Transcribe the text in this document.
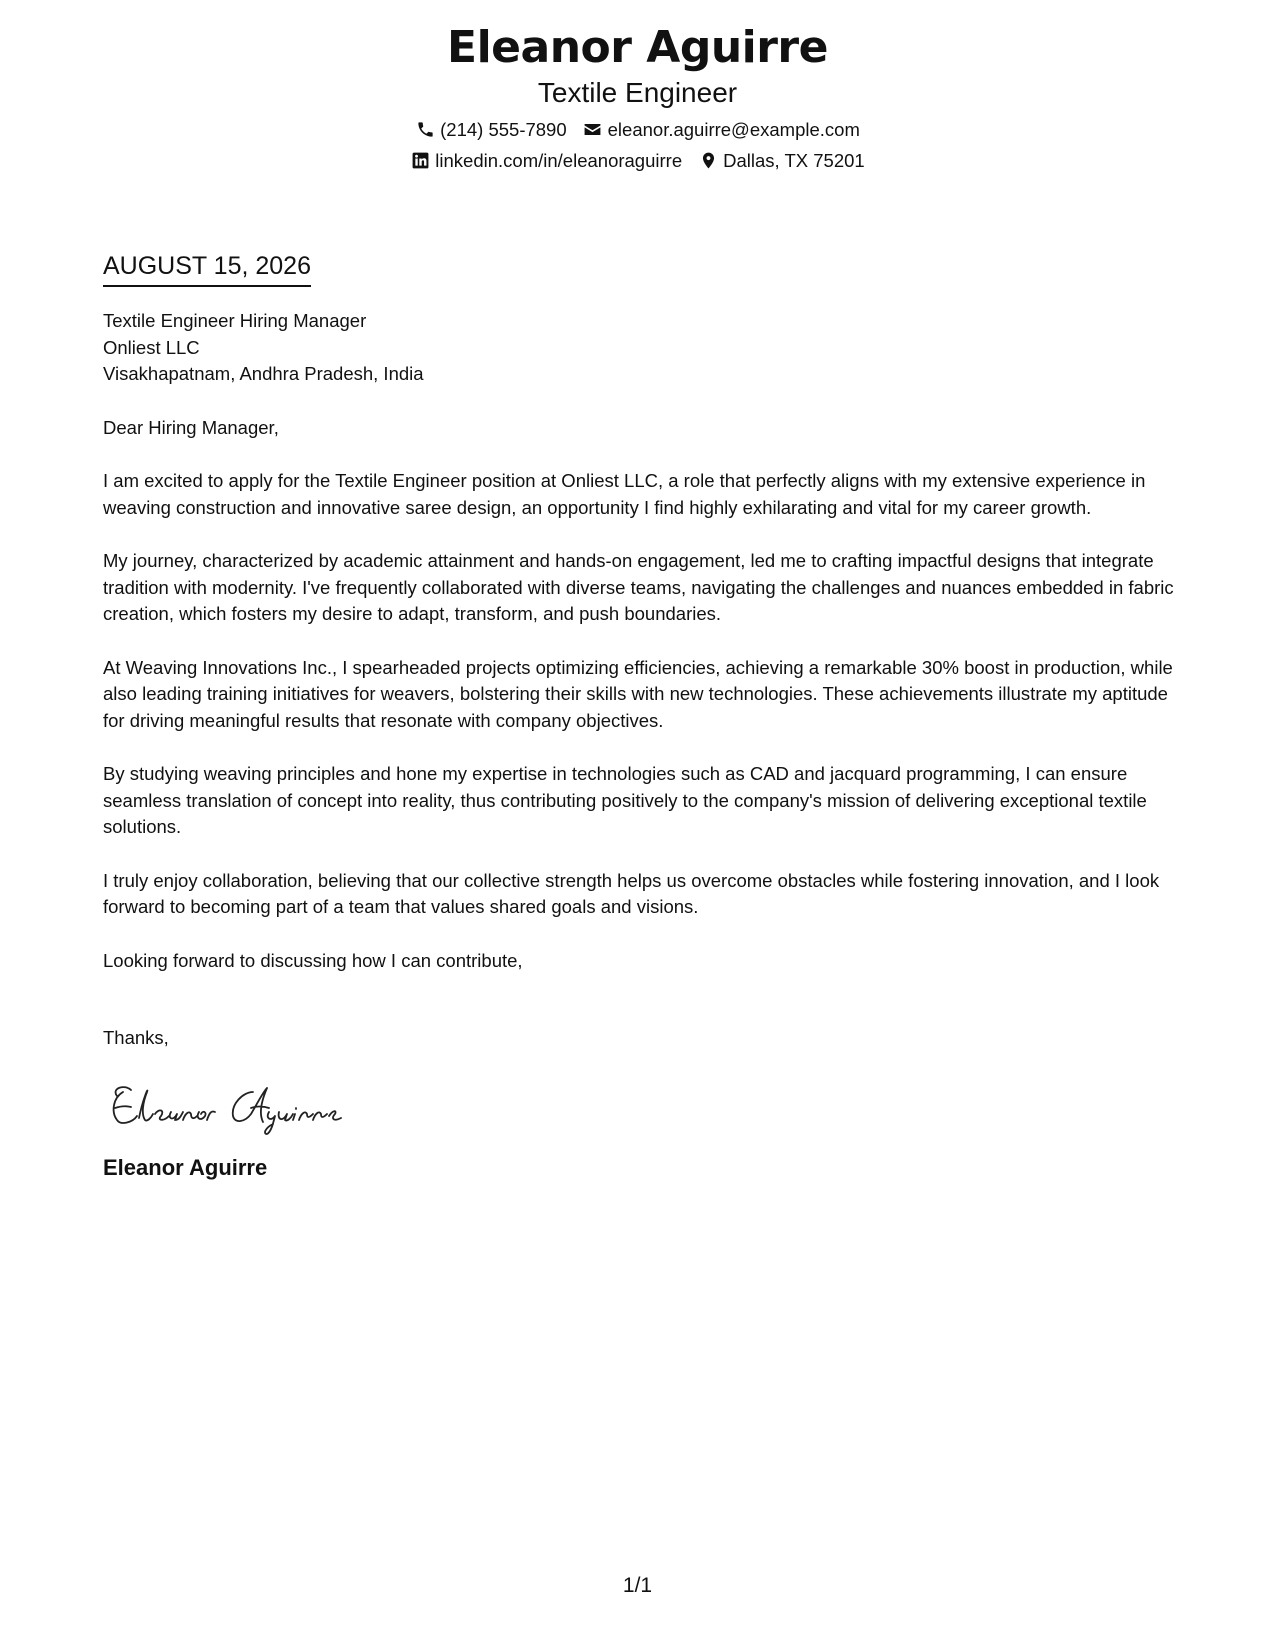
Eleanor Aguirre
Textile Engineer
(214) 555-7890 eleanor.aguirre@example.com
linkedin.com/in/eleanoraguirre Dallas, TX 75201
AUGUST 15, 2026
Textile Engineer Hiring Manager
Onliest LLC
Visakhapatnam, Andhra Pradesh, India
Dear Hiring Manager,

I am excited to apply for the Textile Engineer position at Onliest LLC, a role that perfectly aligns with my extensive experience in weaving construction and innovative saree design, an opportunity I find highly exhilarating and vital for my career growth.

My journey, characterized by academic attainment and hands-on engagement, led me to crafting impactful designs that integrate tradition with modernity. I've frequently collaborated with diverse teams, navigating the challenges and nuances embedded in fabric creation, which fosters my desire to adapt, transform, and push boundaries.

At Weaving Innovations Inc., I spearheaded projects optimizing efficiencies, achieving a remarkable 30% boost in production, while also leading training initiatives for weavers, bolstering their skills with new technologies. These achievements illustrate my aptitude for driving meaningful results that resonate with company objectives.

By studying weaving principles and hone my expertise in technologies such as CAD and jacquard programming, I can ensure seamless translation of concept into reality, thus contributing positively to the company's mission of delivering exceptional textile solutions.

I truly enjoy collaboration, believing that our collective strength helps us overcome obstacles while fostering innovation, and I look forward to becoming part of a team that values shared goals and visions.

Looking forward to discussing how I can contribute,
Thanks,
Eleanor Aguirre
1/1
